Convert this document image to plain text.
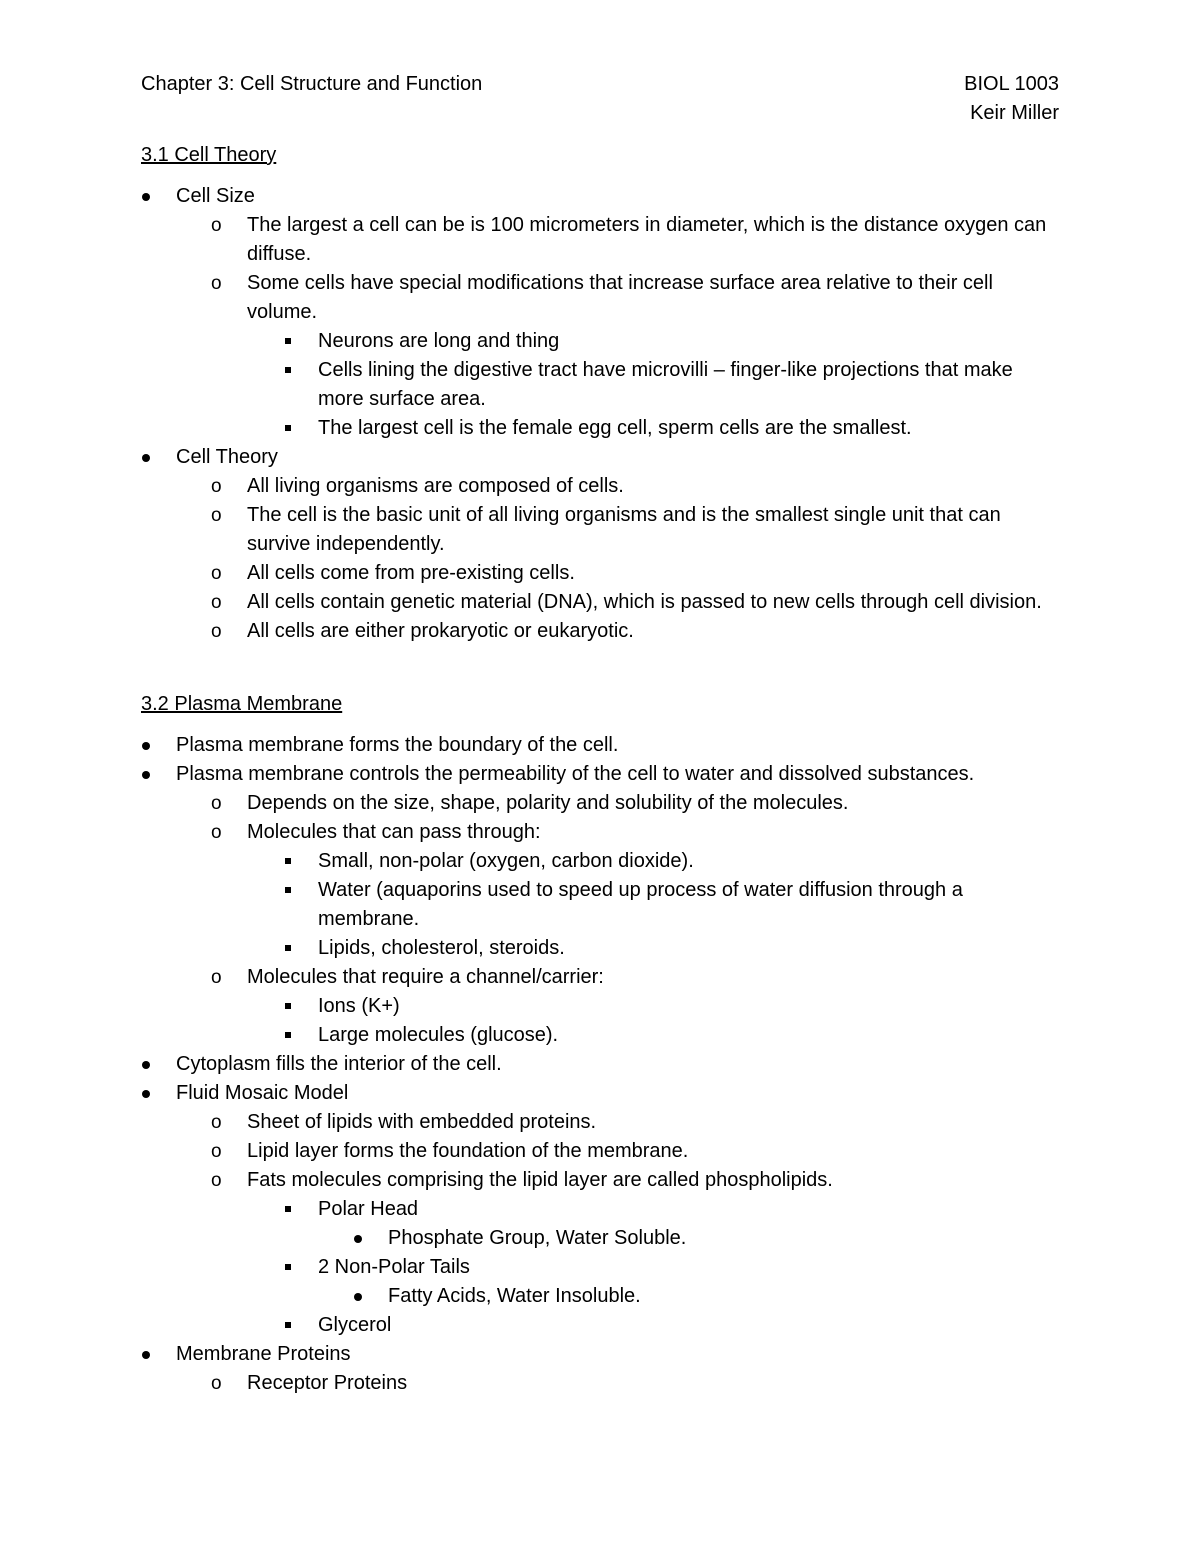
Chapter 3: Cell Structure and Function	BIOL 1003
Keir Miller
3.1 Cell Theory
Cell Size
o The largest a cell can be is 100 micrometers in diameter, which is the distance oxygen can diffuse.
o Some cells have special modifications that increase surface area relative to their cell volume.
Neurons are long and thing
Cells lining the digestive tract have microvilli – finger-like projections that make more surface area.
The largest cell is the female egg cell, sperm cells are the smallest.
Cell Theory
o All living organisms are composed of cells.
o The cell is the basic unit of all living organisms and is the smallest single unit that can survive independently.
o All cells come from pre-existing cells.
o All cells contain genetic material (DNA), which is passed to new cells through cell division.
o All cells are either prokaryotic or eukaryotic.
3.2 Plasma Membrane
Plasma membrane forms the boundary of the cell.
Plasma membrane controls the permeability of the cell to water and dissolved substances.
o Depends on the size, shape, polarity and solubility of the molecules.
o Molecules that can pass through:
Small, non-polar (oxygen, carbon dioxide).
Water (aquaporins used to speed up process of water diffusion through a membrane.
Lipids, cholesterol, steroids.
o Molecules that require a channel/carrier:
Ions (K+)
Large molecules (glucose).
Cytoplasm fills the interior of the cell.
Fluid Mosaic Model
o Sheet of lipids with embedded proteins.
o Lipid layer forms the foundation of the membrane.
o Fats molecules comprising the lipid layer are called phospholipids.
Polar Head
Phosphate Group, Water Soluble.
2 Non-Polar Tails
Fatty Acids, Water Insoluble.
Glycerol
Membrane Proteins
o Receptor Proteins
